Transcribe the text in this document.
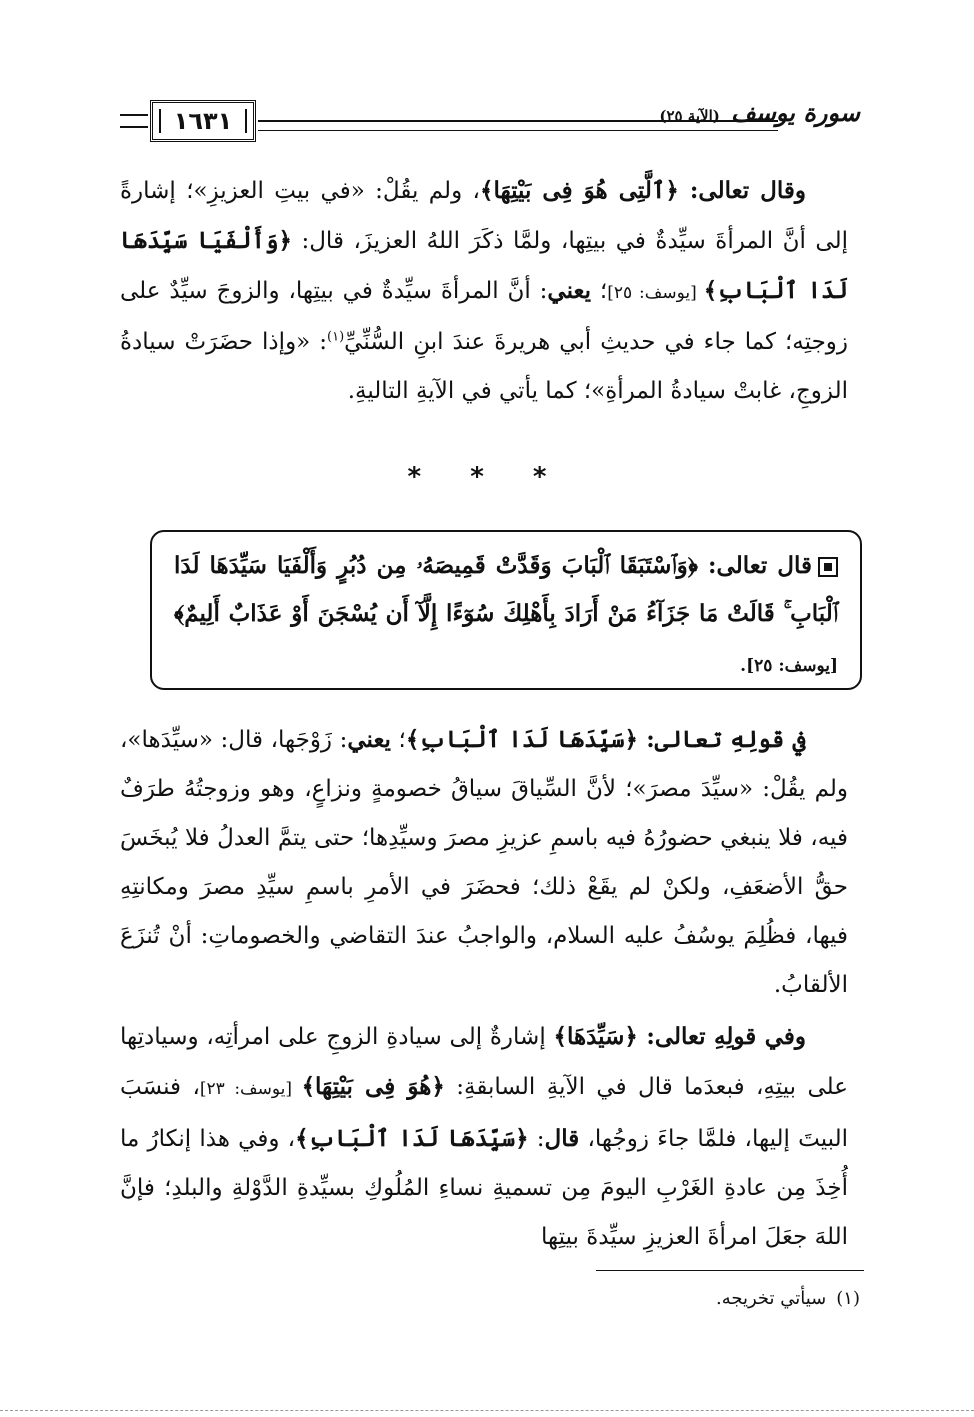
١٦٣١	سورة يوسف (الآية ٢٥)
وقال تعالى: ﴿ٱلَّتِى هُوَ فِى بَيْتِهَا﴾، ولم يقُلْ: «في بيتِ العزيزِ»؛ إشارةً إلى أنَّ المرأةَ سيِّدةٌ في بيتِها، ولمَّا ذكَرَ اللهُ العزيزَ، قال: ﴿وَأَلْفَيَا سَيِّدَهَا لَدَا ٱلْبَابِ﴾ [يوسف: ٢٥]؛ يعني: أنَّ المرأةَ سيِّدةٌ في بيتِها، والزوجَ سيِّدٌ على زوجتِه؛ كما جاء في حديثِ أبي هريرةَ عندَ ابنِ السُّنِّيِّ$^{(١)}$: «وإذا حضَرَتْ سيادةُ الزوجِ، غابتْ سيادةُ المرأةِ»؛ كما يأتي في الآيةِ التاليةِ.
* * *
قال تعالى: ﴿وَٱسْتَبَقَا ٱلْبَابَ وَقَدَّتْ قَمِيصَهُۥ مِن دُبُرٍ وَأَلْفَيَا سَيِّدَهَا لَدَا ٱلْبَابِ ۚ قَالَتْ مَا جَزَآءُ مَنْ أَرَادَ بِأَهْلِكَ سُوٓءًا إِلَّآ أَن يُسْجَنَ أَوْ عَذَابٌ أَلِيمٌ﴾ [يوسف: ٢٥].
في قولِهِ تعالى: ﴿سَيِّدَهَا لَدَا ٱلْبَابِ﴾؛ يعني: زَوْجَها، قال: «سيِّدَها»، ولم يقُلْ: «سيِّدَ مصرَ»؛ لأنَّ السِّياقَ سياقُ خصومةٍ ونزاعٍ، وهو وزوجتُهُ طرَفٌ فيه، فلا ينبغي حضورُهُ فيه باسمِ عزيزِ مصرَ وسيِّدِها؛ حتى يتمَّ العدلُ فلا يُبخَسَ حقُّ الأضعَفِ، ولكنْ لم يقَعْ ذلك؛ فحضَرَ في الأمرِ باسمِ سيِّدِ مصرَ ومكانتِهِ فيها، فظُلِمَ يوسُفُ عليه السلام، والواجبُ عندَ التقاضي والخصوماتِ: أنْ تُنزَعَ الألقابُ.
وفي قولِهِ تعالى: ﴿سَيِّدَهَا﴾ إشارةٌ إلى سيادةِ الزوجِ على امرأتِه، وسيادتِها على بيتِهِ، فبعدَما قال في الآيةِ السابقةِ: ﴿هُوَ فِى بَيْتِهَا﴾ [يوسف: ٢٣]، فنسَبَ البيتَ إليها، فلمَّا جاءَ زوجُها، قال: ﴿سَيِّدَهَا لَدَا ٱلْبَابِ﴾، وفي هذا إنكارُ ما أُخِذَ مِن عادةِ الغَرْبِ اليومَ مِن تسميةِ نساءِ المُلُوكِ بسيِّدةِ الدَّوْلةِ والبلدِ؛ فإنَّ اللهَ جعَلَ امرأةَ العزيزِ سيِّدةَ بيتِها
(١)سيأتي تخريجه.
